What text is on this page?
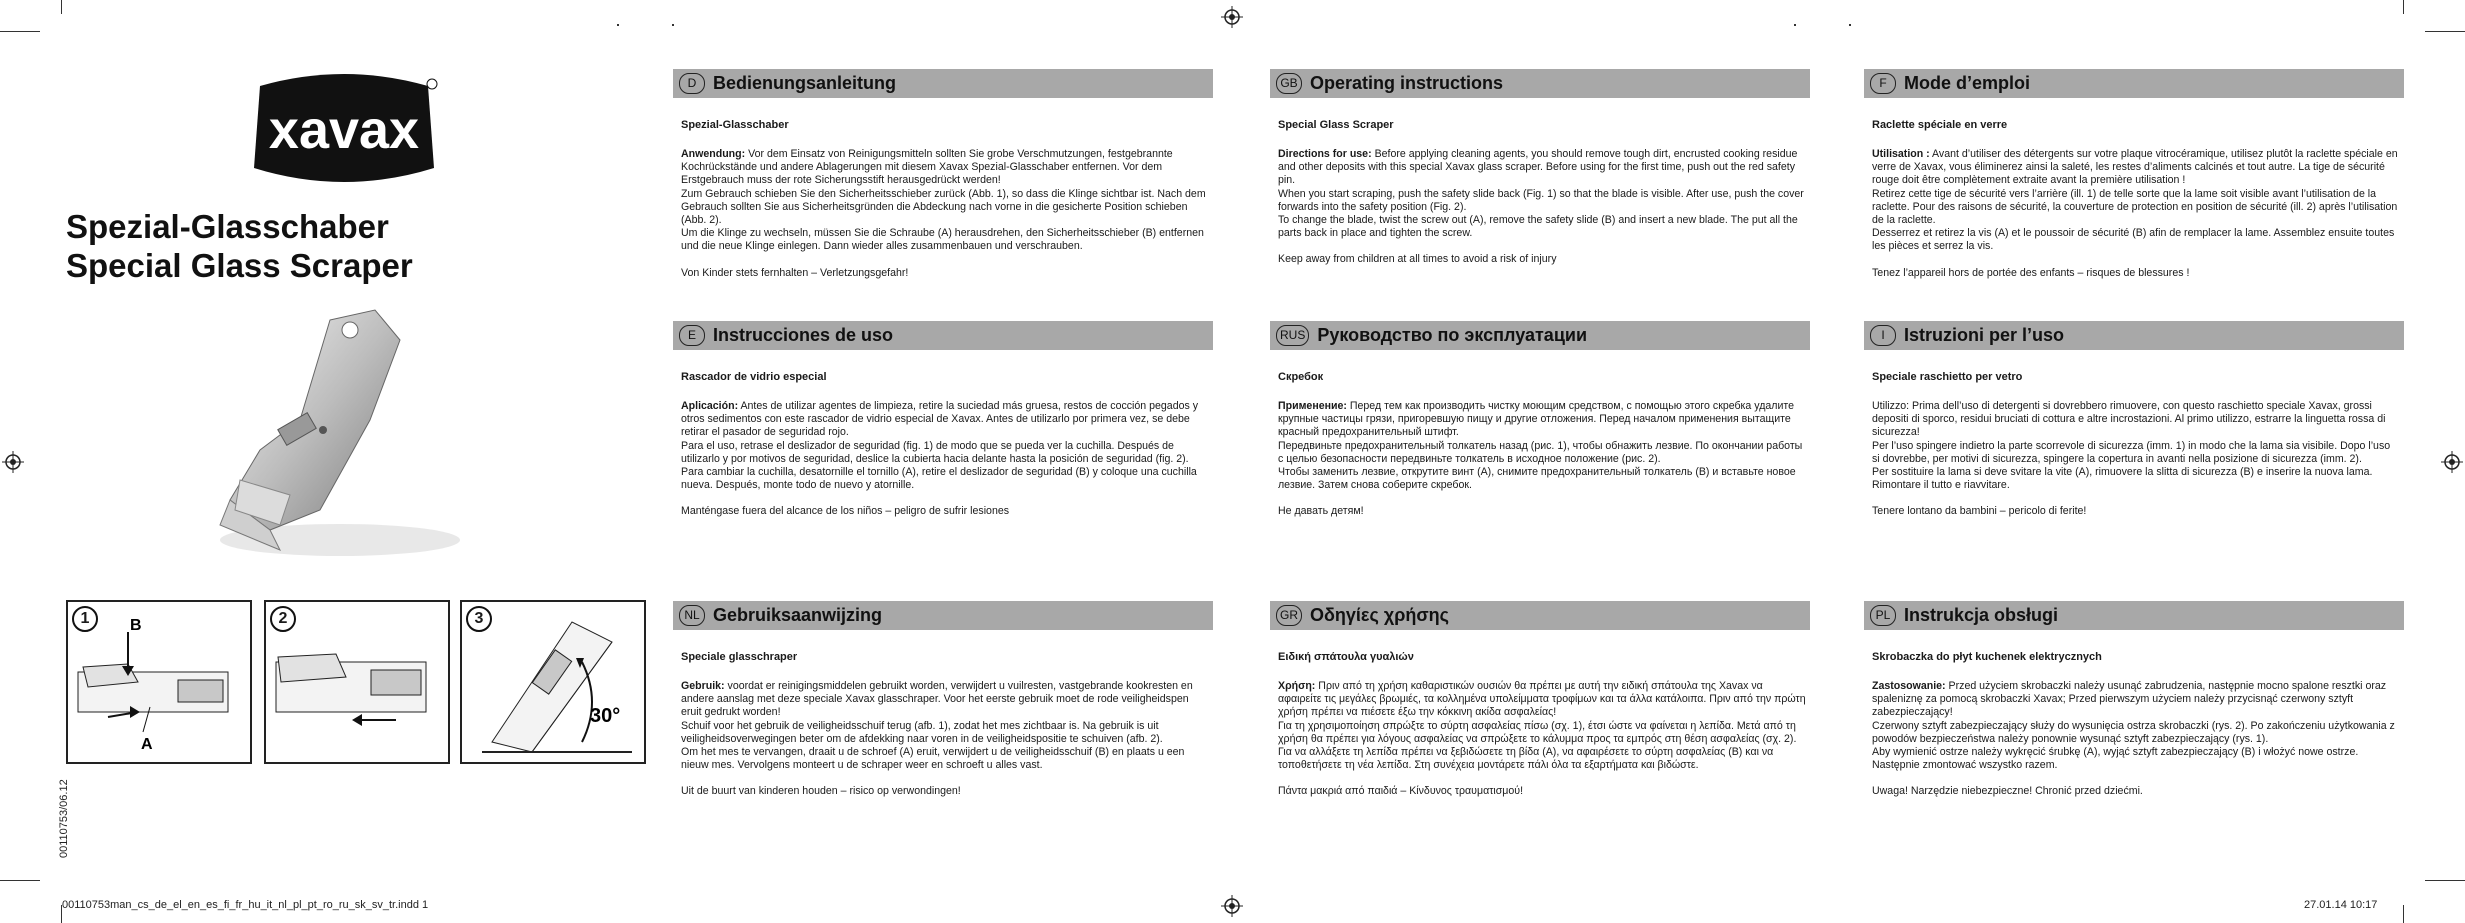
xavax
Spezial-Glasschaber
Special Glass Scraper
1	B
A
2	3
30°
00110753/06.12
D Bedienungsanleitung
Spezial-Glasschaber

Anwendung: Vor dem Einsatz von Reinigungsmitteln sollten Sie grobe Verschmutzungen, festgebrannte Kochrückstände und andere Ablagerungen mit diesem Xavax Spezial-Glasschaber entfernen. Vor dem Erstgebrauch muss der rote Sicherungsstift herausgedrückt werden!

Zum Gebrauch schieben Sie den Sicherheitsschieber zurück (Abb. 1), so dass die Klinge sichtbar ist. Nach dem Gebrauch sollten Sie aus Sicherheitsgründen die Abdeckung nach vorne in die gesicherte Position schieben (Abb. 2).

Um die Klinge zu wechseln, müssen Sie die Schraube (A) herausdrehen, den Sicherheitsschieber (B) entfernen und die neue Klinge einlegen. Dann wieder alles zusammenbauen und verschrauben.

Von Kinder stets fernhalten – Verletzungsgefahr!

GB Operating instructions
Special Glass Scraper

Directions for use: Before applying cleaning agents, you should remove tough dirt, encrusted cooking residue and other deposits with this special Xavax glass scraper. Before using for the first time, push out the red safety pin.

When you start scraping, push the safety slide back (Fig. 1) so that the blade is visible. After use, push the cover forwards into the safety position (Fig. 2).

To change the blade, twist the screw out (A), remove the safety slide (B) and insert a new blade. The put all the parts back in place and tighten the screw.

Keep away from children at all times to avoid a risk of injury

F Mode d’emploi
Raclette spéciale en verre

Utilisation : Avant d’utiliser des détergents sur votre plaque vitrocéramique, utilisez plutôt la raclette spéciale en verre de Xavax, vous éliminerez ainsi la saleté, les restes d’aliments calcinés et tout autre. La tige de sécurité rouge doit être complètement extraite avant la première utilisation !

Retirez cette tige de sécurité vers l’arrière (ill. 1) de telle sorte que la lame soit visible avant l’utilisation de la raclette. Pour des raisons de sécurité, la couverture de protection en position de sécurité (ill. 2) après l’utilisation de la raclette.

Desserrez et retirez la vis (A) et le poussoir de sécurité (B) afin de remplacer la lame. Assemblez ensuite toutes les pièces et serrez la vis.

Tenez l’appareil hors de portée des enfants – risques de blessures !

E Instrucciones de uso
Rascador de vidrio especial

Aplicación: Antes de utilizar agentes de limpieza, retire la suciedad más gruesa, restos de cocción pegados y otros sedimentos con este rascador de vidrio especial de Xavax. Antes de utilizarlo por primera vez, se debe retirar el pasador de seguridad rojo.

Para el uso, retrase el deslizador de seguridad (fig. 1) de modo que se pueda ver la cuchilla. Después de utilizarlo y por motivos de seguridad, deslice la cubierta hacia delante hasta la posición de seguridad (fig. 2).

Para cambiar la cuchilla, desatornille el tornillo (A), retire el deslizador de seguridad (B) y coloque una cuchilla nueva. Después, monte todo de nuevo y atornille.

Manténgase fuera del alcance de los niños – peligro de sufrir lesiones

RUS Руководство по эксплуатации
Скребок

Применение: Перед тем как производить чистку моющим средством, с помощью этого скребка удалите крупные частицы грязи, пригоревшую пищу и другие отложения. Перед началом применения вытащите красный предохранительный штифт.

Передвиньте предохранительный толкатель назад (рис. 1), чтобы обнажить лезвие. По окончании работы с целью безопасности передвиньте толкатель в исходное положение (рис. 2).

Чтобы заменить лезвие, открутите винт (A), снимите предохранительный толкатель (B) и вставьте новое лезвие. Затем снова соберите скребок.

Не давать детям!

I	Istruzioni per l’uso
Speciale raschietto per vetro

Utilizzo: Prima dell’uso di detergenti si dovrebbero rimuovere, con questo raschietto speciale Xavax, grossi depositi di sporco, residui bruciati di cottura e altre incrostazioni. Al primo utilizzo, estrarre la linguetta rossa di sicurezza!

Per l’uso spingere indietro la parte scorrevole di sicurezza (imm. 1) in modo che la lama sia visibile. Dopo l’uso si dovrebbe, per motivi di sicurezza, spingere la copertura in avanti nella posizione di sicurezza (imm. 2).

Per sostituire la lama si deve svitare la vite (A), rimuovere la slitta di sicurezza (B) e inserire la nuova lama. Rimontare il tutto e riavvitare.

Tenere lontano da bambini – pericolo di ferite!

NL Gebruiksaanwijzing
Speciale glasschraper

Gebruik: voordat er reinigingsmiddelen gebruikt worden, verwijdert u vuilresten, vastgebrande kookresten en andere aanslag met deze speciale Xavax glasschraper. Voor het eerste gebruik moet de rode veiligheidspen eruit gedrukt worden!

Schuif voor het gebruik de veiligheidsschuif terug (afb. 1), zodat het mes zichtbaar is. Na gebruik is uit veiligheidsoverwegingen beter om de afdekking naar voren in de veiligheidspositie te schuiven (afb. 2).

Om het mes te vervangen, draait u de schroef (A) eruit, verwijdert u de veiligheidsschuif (B) en plaats u een nieuw mes. Vervolgens monteert u de schraper weer en schroeft u alles vast.

Uit de buurt van kinderen houden – risico op verwondingen!

GR Οδηγίες χρήσης
Ειδική σπάτουλα γυαλιών

Χρήση: Πριν από τη χρήση καθαριστικών ουσιών θα πρέπει με αυτή την ειδική σπάτουλα της Xavax να αφαιρείτε τις μεγάλες βρωμιές, τα κολλημένα υπολείμματα τροφίμων και τα άλλα κατάλοιπα. Πριν από την πρώτη χρήση πρέπει να πιέσετε έξω την κόκκινη ακίδα ασφαλείας!

Για τη χρησιμοποίηση σπρώξτε το σύρτη ασφαλείας πίσω (σχ. 1), έτσι ώστε να φαίνεται η λεπίδα. Μετά από τη χρήση θα πρέπει για λόγους ασφαλείας να σπρώξετε το κάλυμμα προς τα εμπρός στη θέση ασφαλείας (σχ. 2).

Για να αλλάξετε τη λεπίδα πρέπει να ξεβιδώσετε τη βίδα (A), να αφαιρέσετε το σύρτη ασφαλείας (B) και να τοποθετήσετε τη νέα λεπίδα. Στη συνέχεια μοντάρετε πάλι όλα τα εξαρτήματα και βιδώστε.

Πάντα μακριά από παιδιά – Κίνδυνος τραυματισμού!

PL Instrukcja obsługi
Skrobaczka do płyt kuchenek elektrycznych

Zastosowanie: Przed użyciem skrobaczki należy usunąć zabrudzenia, następnie mocno spalone resztki oraz spaleniznę za pomocą skrobaczki Xavax; Przed pierwszym użyciem należy przycisnąć czerwony sztyft zabezpieczający!

Czerwony sztyft zabezpieczający służy do wysunięcia ostrza skrobaczki (rys. 2). Po zakończeniu użytkowania z powodów bezpieczeństwa należy ponownie wysunąć sztyft zabezpieczający (rys. 1).

Aby wymienić ostrze należy wykręcić śrubkę (A), wyjąć sztyft zabezpieczający (B) i włożyć nowe ostrze. Następnie zmontować wszystko razem.

Uwaga! Narzędzie niebezpieczne! Chronić przed dziećmi.

00110753man_cs_de_el_en_es_fi_fr_hu_it_nl_pl_pt_ro_ru_sk_sv_tr.indd 1	27.01.14 10:17
